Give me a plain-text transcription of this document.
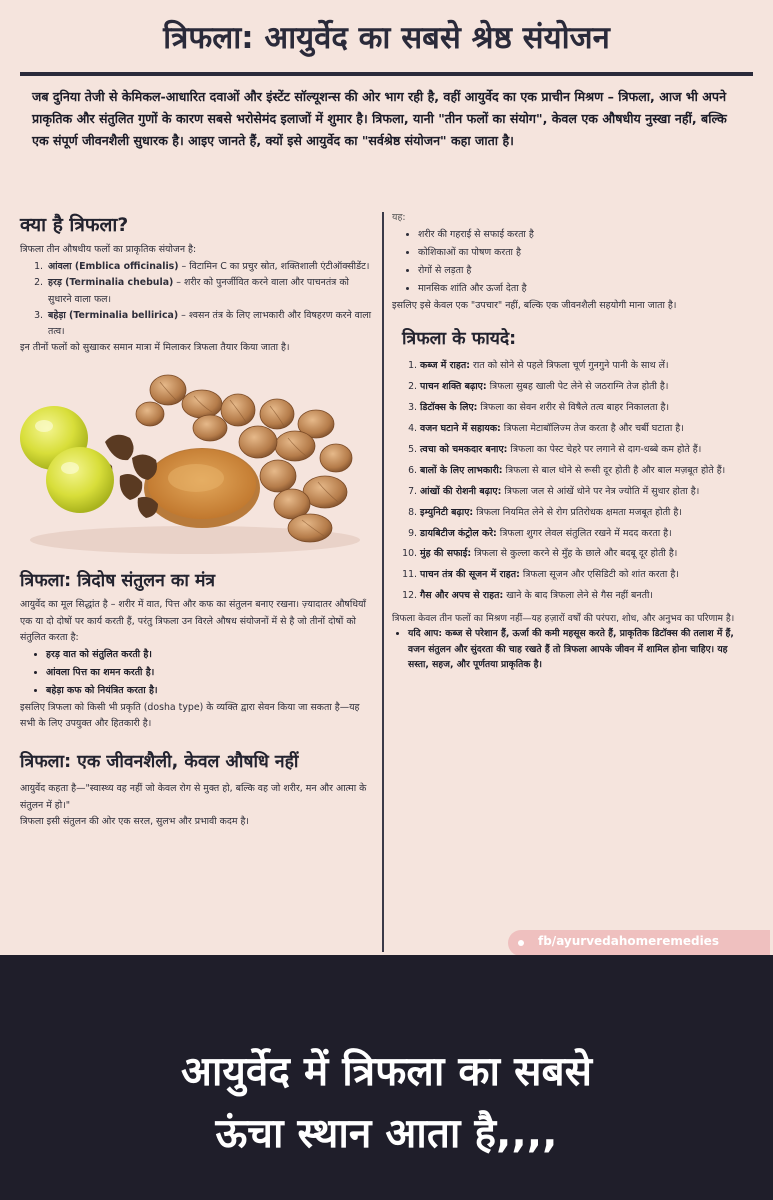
त्रिफला: आयुर्वेद का सबसे श्रेष्ठ संयोजन

जब दुनिया तेजी से केमिकल-आधारित दवाओं और इंस्टेंट सॉल्यूशन्स की ओर भाग रही है, वहीं आयुर्वेद का एक प्राचीन मिश्रण – त्रिफला, आज भी अपने प्राकृतिक और संतुलित गुणों के कारण सबसे भरोसेमंद इलाजों में शुमार है। त्रिफला, यानी "तीन फलों का संयोग", केवल एक औषधीय नुस्खा नहीं, बल्कि एक संपूर्ण जीवनशैली सुधारक है। आइए जानते हैं, क्यों इसे आयुर्वेद का "सर्वश्रेष्ठ संयोजन" कहा जाता है।

क्या है त्रिफला?

त्रिफला तीन औषधीय फलों का प्राकृतिक संयोजन है:

1. आंवला (Emblica officinalis) – विटामिन C का प्रचुर स्रोत, शक्तिशाली एंटीऑक्सीडेंट।
2. हरड़ (Terminalia chebula) – शरीर को पुनर्जीवित करने वाला और पाचनतंत्र को सुधारने वाला फल।
3. बहेड़ा (Terminalia bellirica) – श्वसन तंत्र के लिए लाभकारी और विषहरण करने वाला तत्व।

इन तीनों फलों को सुखाकर समान मात्रा में मिलाकर त्रिफला तैयार किया जाता है।

त्रिफला: त्रिदोष संतुलन का मंत्र

आयुर्वेद का मूल सिद्धांत है – शरीर में वात, पित्त और कफ का संतुलन बनाए रखना। ज़्यादातर औषधियाँ एक या दो दोषों पर कार्य करती हैं, परंतु त्रिफला उन विरले औषध संयोजनों में से है जो तीनों दोषों को संतुलित करता है:

• हरड़ वात को संतुलित करती है।
• आंवला पित्त का शमन करती है।
• बहेड़ा कफ को नियंत्रित करता है।

इसलिए त्रिफला को किसी भी प्रकृति (dosha type) के व्यक्ति द्वारा सेवन किया जा सकता है—यह सभी के लिए उपयुक्त और हितकारी है।

त्रिफला: एक जीवनशैली, केवल औषधि नहीं

आयुर्वेद कहता है—"स्वास्थ्य वह नहीं जो केवल रोग से मुक्त हो, बल्कि वह जो शरीर, मन और आत्मा के संतुलन में हो।"

त्रिफला इसी संतुलन की ओर एक सरल, सुलभ और प्रभावी कदम है।

यह:

• शरीर की गहराई से सफाई करता है
• कोशिकाओं का पोषण करता है
• रोगों से लड़ता है
• मानसिक शांति और ऊर्जा देता है

इसलिए इसे केवल एक "उपचार" नहीं, बल्कि एक जीवनशैली सहयोगी माना जाता है।

त्रिफला के फायदे:
1. कब्ज में राहत: रात को सोने से पहले त्रिफला चूर्ण गुनगुने पानी के साथ लें।
2. पाचन शक्ति बढ़ाए: त्रिफला सुबह खाली पेट लेने से जठराग्नि तेज होती है।
3. डिटॉक्स के लिए: त्रिफला का सेवन शरीर से विषैले तत्व बाहर निकालता है।
4. वजन घटाने में सहायक: त्रिफला मेटाबॉलिज्म तेज करता है और चर्बी घटाता है।
5. त्वचा को चमकदार बनाए: त्रिफला का पेस्ट चेहरे पर लगाने से दाग-धब्बे कम होते हैं।
6. बालों के लिए लाभकारी: त्रिफला से बाल धोने से रूसी दूर होती है और बाल मज़बूत होते हैं।
7. आंखों की रोशनी बढ़ाए: त्रिफला जल से आंखें धोने पर नेत्र ज्योति में सुधार होता है।
8. इम्युनिटी बढ़ाए: त्रिफला नियमित लेने से रोग प्रतिरोधक क्षमता मजबूत होती है।
9. डायबिटीज कंट्रोल करे: त्रिफला शुगर लेवल संतुलित रखने में मदद करता है।
10. मुंह की सफाई: त्रिफला से कुल्ला करने से मुँह के छाले और बदबू दूर होती है।
11. पाचन तंत्र की सूजन में राहत: त्रिफला सूजन और एसिडिटी को शांत करता है।
12. गैस और अपच से राहत: खाने के बाद त्रिफला लेने से गैस नहीं बनती।

त्रिफला केवल तीन फलों का मिश्रण नहीं—यह हज़ारों वर्षों की परंपरा, शोध, और अनुभव का परिणाम है।

• यदि आप: कब्ज से परेशान हैं, ऊर्जा की कमी महसूस करते हैं, प्राकृतिक डिटॉक्स की तलाश में हैं, वजन संतुलन और सुंदरता की चाह रखते हैं तो त्रिफला आपके जीवन में शामिल होना चाहिए। यह सस्ता, सहज, और पूर्णतया प्राकृतिक है।
fb/ayurvedahomeremedies
आयुर्वेद में त्रिफला का सबसे
ऊंचा स्थान आता है,,,,
